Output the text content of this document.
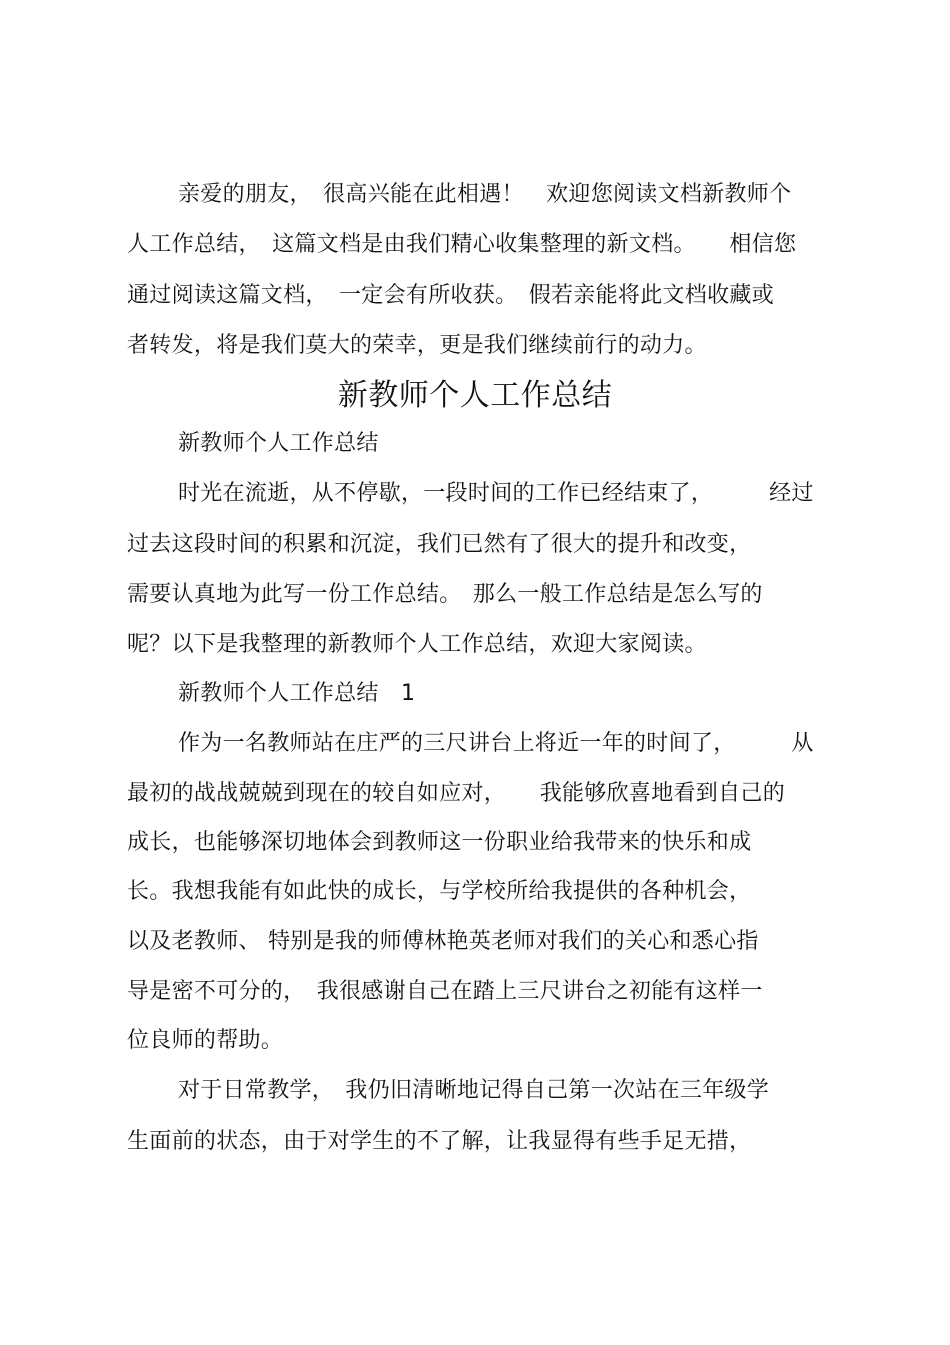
亲爱的朋友，　很高兴能在此相遇！　欢迎您阅读文档新教师个
人工作总结，　这篇文档是由我们精心收集整理的新文档。　　相信您
通过阅读这篇文档，　一定会有所收获。　假若亲能将此文档收藏或
者转发，将是我们莫大的荣幸，更是我们继续前行的动力。
新教师个人工作总结
新教师个人工作总结
时光在流逝，从不停歇，一段时间的工作已经结束了，　　　经过
过去这段时间的积累和沉淀，我们已然有了很大的提升和改变，
需要认真地为此写一份工作总结。　那么一般工作总结是怎么写的
呢？以下是我整理的新教师个人工作总结，欢迎大家阅读。
新教师个人工作总结　1
作为一名教师站在庄严的三尺讲台上将近一年的时间了，　　　从
最初的战战兢兢到现在的较自如应对，　　我能够欣喜地看到自己的
成长，也能够深切地体会到教师这一份职业给我带来的快乐和成
长。我想我能有如此快的成长，与学校所给我提供的各种机会，
以及老教师、 特别是我的师傅林艳英老师对我们的关心和悉心指
导是密不可分的，　我很感谢自己在踏上三尺讲台之初能有这样一
位良师的帮助。
对于日常教学，　我仍旧清晰地记得自己第一次站在三年级学
生面前的状态，由于对学生的不了解，让我显得有些手足无措，
